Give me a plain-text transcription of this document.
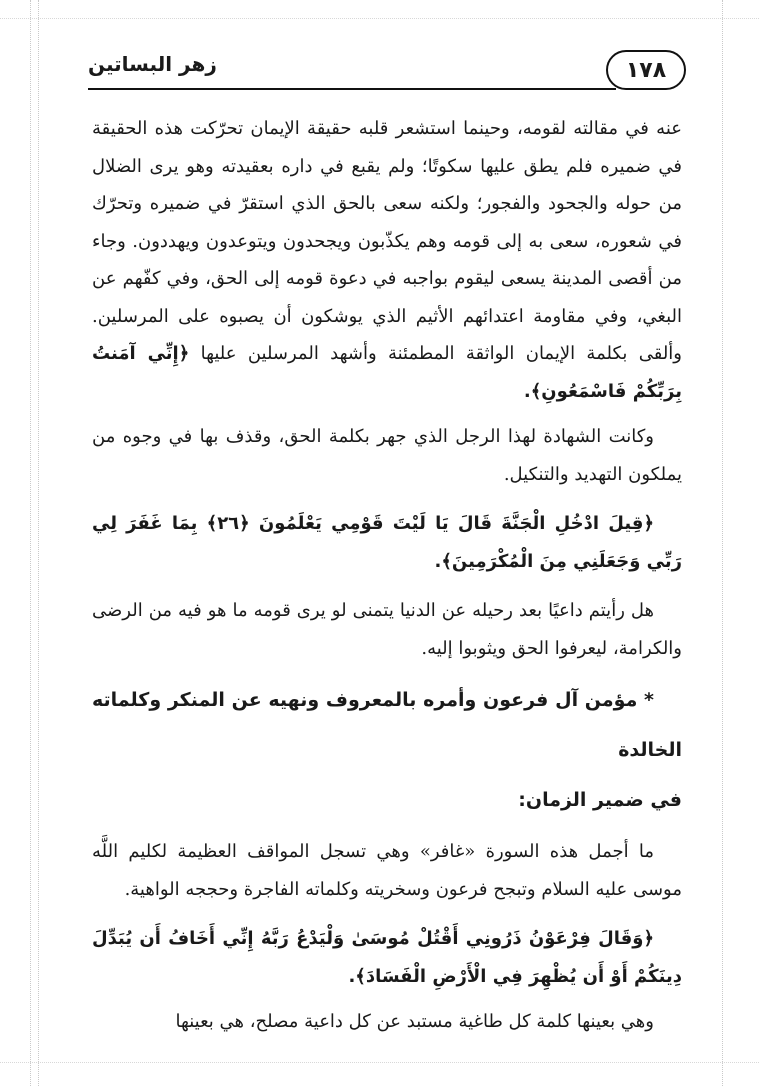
زهر البساتين	١٧٨

عنه في مقالته لقومه، وحينما استشعر قلبه حقيقة الإيمان تحرّكت هذه الحقيقة في ضميره فلم يطق عليها سكوتًا؛ ولم يقبع في داره بعقيدته وهو يرى الضلال من حوله والجحود والفجور؛ ولكنه سعى بالحق الذي استقرّ في ضميره وتحرّك في شعوره، سعى به إلى قومه وهم يكذّبون ويجحدون ويتوعدون ويهددون. وجاء من أقصى المدينة يسعى ليقوم بواجبه في دعوة قومه إلى الحق، وفي كفّهم عن البغي، وفي مقاومة اعتدائهم الأثيم الذي يوشكون أن يصبوه على المرسلين. وألقى بكلمة الإيمان الواثقة المطمئنة وأشهد المرسلين عليها ﴿إِنِّي آمَنتُ بِرَبِّكُمْ فَاسْمَعُونِ﴾.

وكانت الشهادة لهذا الرجل الذي جهر بكلمة الحق، وقذف بها في وجوه من يملكون التهديد والتنكيل.

﴿قِيلَ ادْخُلِ الْجَنَّةَ قَالَ يَا لَيْتَ قَوْمِي يَعْلَمُونَ ﴿٢٦﴾ بِمَا غَفَرَ لِي رَبِّي وَجَعَلَنِي مِنَ الْمُكْرَمِينَ﴾.

هل رأيتم داعيًا بعد رحيله عن الدنيا يتمنى لو يرى قومه ما هو فيه من الرضى والكرامة، ليعرفوا الحق ويثوبوا إليه.

* مؤمن آل فرعون وأمره بالمعروف ونهيه عن المنكر وكلماته الخالدة

في ضمير الزمان:

ما أجمل هذه السورة «غافر» وهي تسجل المواقف العظيمة لكليم اللَّه موسى عليه السلام وتبجح فرعون وسخريته وكلماته الفاجرة وحججه الواهية.

﴿وَقَالَ فِرْعَوْنُ ذَرُونِي أَقْتُلْ مُوسَىٰ وَلْيَدْعُ رَبَّهُ إِنِّي أَخَافُ أَن يُبَدِّلَ دِينَكُمْ أَوْ أَن يُظْهِرَ فِي الْأَرْضِ الْفَسَادَ﴾.

وهي بعينها كلمة كل طاغية مستبد عن كل داعية مصلح، هي بعينها
